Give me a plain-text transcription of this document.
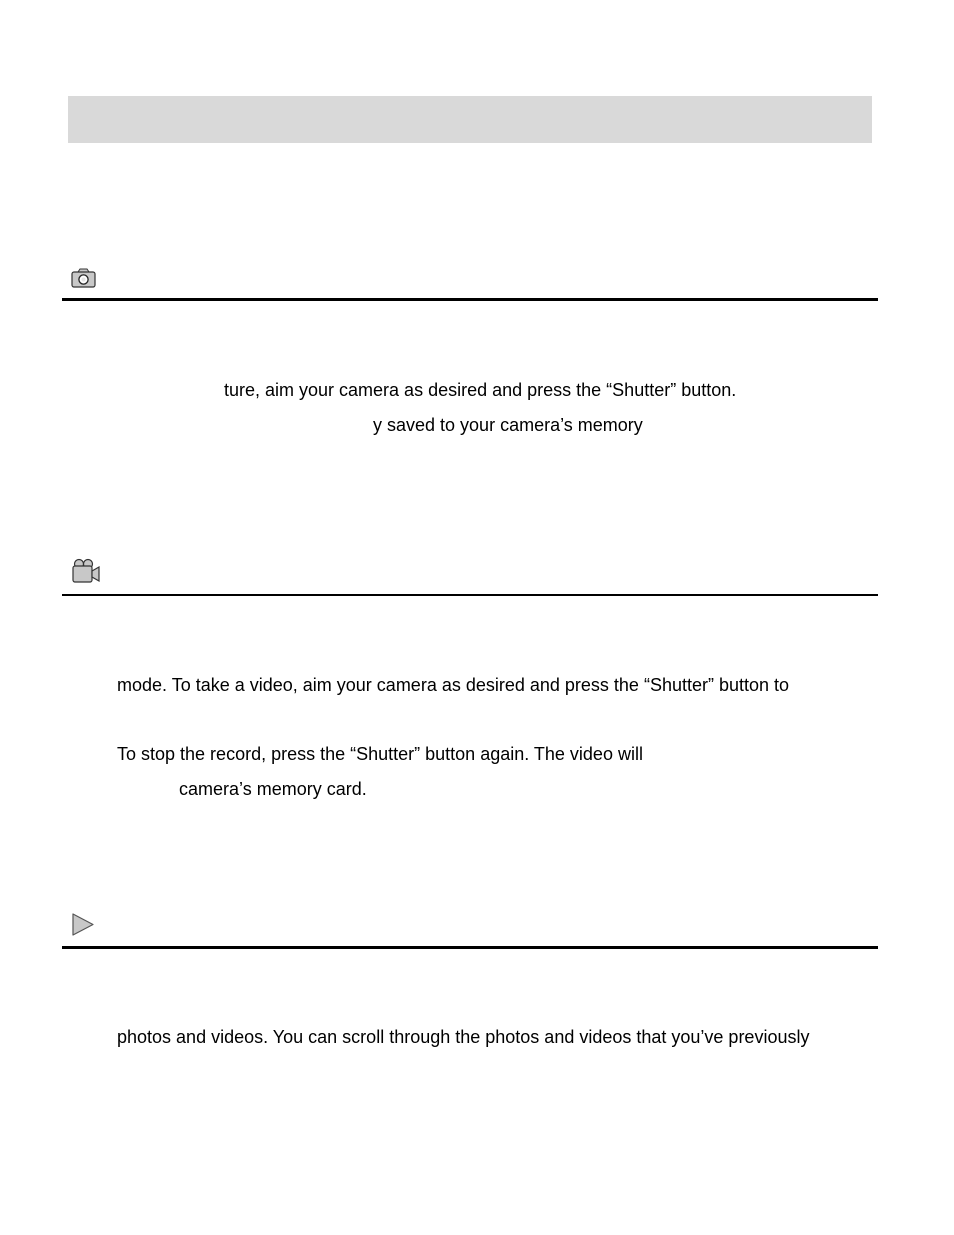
ture, aim your camera as desired and press the “Shutter” button.
y saved to your camera’s memory
mode. To take a video, aim your camera as desired and press the “Shutter” button to
To stop the record, press the “Shutter” button again. The video will
camera’s memory card.
photos and videos. You can scroll through the photos and videos that you’ve previously
